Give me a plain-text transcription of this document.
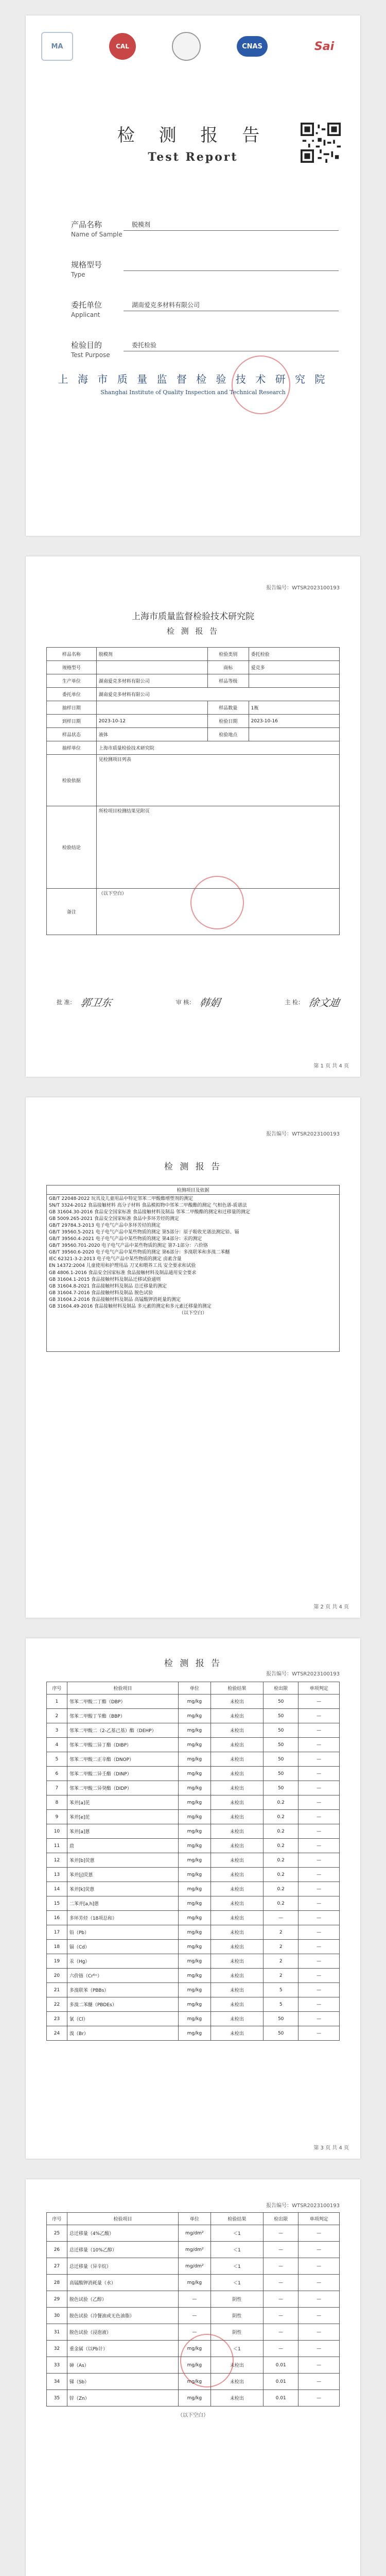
MA	CAL	CNAS	Sai
检 测 报 告
Test Report
产品名称
Name of Sample
脱模剂
规格型号
Type
委托单位
Applicant
湖南爱克多材料有限公司
检验目的
Test Purpose
委托检验
上 海 市 质 量 监 督 检 验 技 术 研 究 院
Shanghai Institute of Quality Inspection and Technical Research
报告编号：WTSR2023100193
上海市质量监督检验技术研究院
检 测 报 告
样品名称	脱模剂	检验类别	委托检验
规格型号		商标	爱克多
生产单位	湖南爱克多材料有限公司	样品等级	
委托单位	湖南爱克多材料有限公司		
抽样日期		样品数量	1瓶
到样日期	2023-10-12	检验日期	2023-10-16
样品状态	液体	检验地点	
抽样单位	上海市质量检验技术研究院		
检验依据	见检测项目列表		
检验结论	所检项目检测结果见附页		
备注	（以下空白）		
批 准： 郭卫东	审 核： 韩娟	主 检： 徐文迪
第 1 页 共 4 页
报告编号：WTSR2023100193
检 测 报 告
检测项目及依据

GB/T 22048-2022 玩具及儿童用品中特定邻苯二甲酸酯增塑剂的测定
SN/T 3324-2012 食品接触材料 高分子材料 食品模拟物中邻苯二甲酸酯的测定 气相色谱-质谱法
GB 31604.30-2016 食品安全国家标准 食品接触材料及制品 邻苯二甲酸酯的测定和迁移量的测定
GB 5009.265-2021 食品安全国家标准 食品中多环芳烃的测定
GB/T 29784.3-2013 电子电气产品中多环芳烃的测定
GB/T 39560.5-2021 电子电气产品中某些物质的测定 第5部分：原子吸收光谱法测定铅、镉
GB/T 39560.4-2021 电子电气产品中某些物质的测定 第4部分：汞的测定
GB/T 39560.701-2020 电子电气产品中某些物质的测定 第7-1部分：六价铬
GB/T 39560.6-2020 电子电气产品中某些物质的测定 第6部分：多溴联苯和多溴二苯醚
IEC 62321-3-2:2013 电子电气产品中某些物质的测定 卤素含量
EN 14372:2004 儿童使用和护理用品 刀叉和喂养工具 安全要求和试验
GB 4806.1-2016 食品安全国家标准 食品接触材料及制品通用安全要求
GB 31604.1-2015 食品接触材料及制品迁移试验通则
GB 31604.8-2021 食品接触材料及制品 总迁移量的测定
GB 31604.7-2016 食品接触材料及制品 脱色试验
GB 31604.2-2016 食品接触材料及制品 高锰酸钾消耗量的测定
GB 31604.49-2016 食品接触材料及制品 多元素的测定和多元素迁移量的测定
（以下空白）
第 2 页 共 4 页
报告编号：WTSR2023100193
检 测 报 告
序号	检验项目	单位	检验结果	检出限	单项判定
1	邻苯二甲酸二丁酯（DBP）	mg/kg	未检出	50	—
2	邻苯二甲酸丁苄酯（BBP）	mg/kg	未检出	50	—
3	邻苯二甲酸二（2-乙基己基）酯（DEHP）	mg/kg	未检出	50	—
4	邻苯二甲酸二异丁酯（DIBP）	mg/kg	未检出	50	—
5	邻苯二甲酸二正辛酯（DNOP）	mg/kg	未检出	50	—
6	邻苯二甲酸二异壬酯（DINP）	mg/kg	未检出	50	—
7	邻苯二甲酸二异癸酯（DIDP）	mg/kg	未检出	50	—
8	苯并[a]芘	mg/kg	未检出	0.2	—
9	苯并[e]芘	mg/kg	未检出	0.2	—
10	苯并[a]蒽	mg/kg	未检出	0.2	—
11	䓛	mg/kg	未检出	0.2	—
12	苯并[b]荧蒽	mg/kg	未检出	0.2	—
13	苯并[j]荧蒽	mg/kg	未检出	0.2	—
14	苯并[k]荧蒽	mg/kg	未检出	0.2	—
15	二苯并[a,h]蒽	mg/kg	未检出	0.2	—
16	多环芳烃（18项总和）	mg/kg	未检出	—	—
17	铅（Pb）	mg/kg	未检出	2	—
18	镉（Cd）	mg/kg	未检出	2	—
19	汞（Hg）	mg/kg	未检出	2	—
20	六价铬（Cr⁶⁺）	mg/kg	未检出	2	—
21	多溴联苯（PBBs）	mg/kg	未检出	5	—
22	多溴二苯醚（PBDEs）	mg/kg	未检出	5	—
23	氯（Cl）	mg/kg	未检出	50	—
24	溴（Br）	mg/kg	未检出	50	—
第 3 页 共 4 页
报告编号：WTSR2023100193
序号	检验项目	单位	检验结果	检出限	单项判定
25	总迁移量（4%乙酸）	mg/dm²	＜1	—	—
26	总迁移量（10%乙醇）	mg/dm²	＜1	—	—
27	总迁移量（异辛烷）	mg/dm²	＜1	—	—
28	高锰酸钾消耗量（水）	mg/kg	＜1	—	—
29	脱色试验（乙醇）	—	阴性	—	—
30	脱色试验（冷餐油或无色油脂）	—	阴性	—	—
31	脱色试验（浸泡液）	—	阴性	—	—
32	重金属（以Pb计）	mg/kg	＜1	—	—
33	砷（As）	mg/kg	未检出	0.01	—
34	锑（Sb）	mg/kg	未检出	0.01	—
35	锌（Zn）	mg/kg	未检出	0.01	—
（以下空白）
